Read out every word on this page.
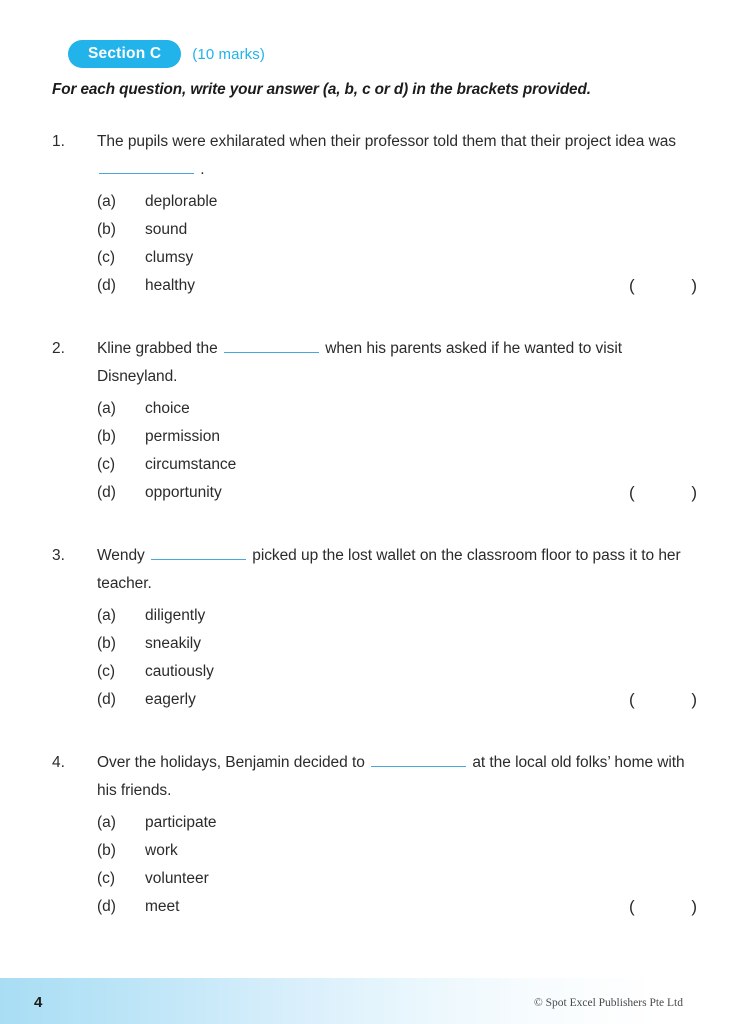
Section C	(10 marks)
For each question, write your answer (a, b, c or d) in the brackets provided.
1.	The pupils were exhilarated when their professor told them that their project idea was  .
(a)	deplorable
(b)	sound
(c)	clumsy
(d)	healthy	(	)
2.	Kline grabbed the	when his parents asked if he wanted to visit Disneyland.
(a)	choice
(b)	permission
(c)	circumstance
(d)	opportunity	(	)
3.	Wendy	picked up the lost wallet on the classroom floor to pass it to her teacher.
(a)	diligently
(b)	sneakily
(c)	cautiously
(d)	eagerly	(	)
4.	Over the holidays, Benjamin decided to	at the local old folks’ home with his friends.
(a)	participate
(b)	work
(c)	volunteer
(d)	meet	(	)
4	© Spot Excel Publishers Pte Ltd
